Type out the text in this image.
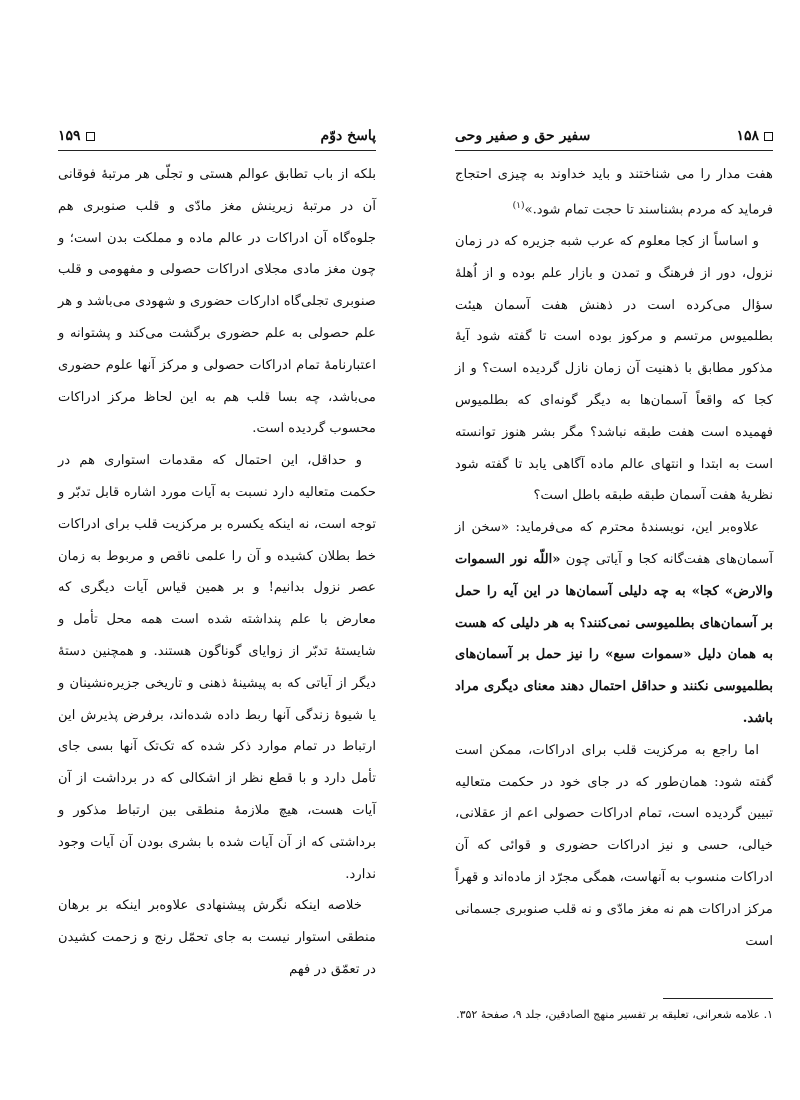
۱۵۸
سفیر حق و صفیر وحی

هفت مدار را می شناختند و باید خداوند به چیزی احتجاج فرماید که مردم بشناسند تا حجت تمام شود.»$^{(۱)}$

و اساساً از کجا معلوم که عرب شبه جزیره که در زمان نزول، دور از فرهنگ و تمدن و بازار علم بوده و از اُهلهٔ سؤال می‌کرده است در ذهنش هفت آسمان هیئت بطلمیوس مرتسم و مرکوز بوده است تا گفته شود آیهٔ مذکور مطابق با ذهنیت آن زمان نازل گردیده است؟ و از کجا که واقعاً آسمان‌ها به دیگر گونه‌ای که بطلمیوس فهمیده است هفت طبقه نباشد؟ مگر بشر هنوز توانسته است به ابتدا و انتهای عالم ماده آگاهی یابد تا گفته شود نظریهٔ هفت آسمان طبقه طبقه باطل است؟

علاوه‌بر این، نویسندهٔ محترم که می‌فرماید: «سخن از آسمان‌های هفت‌گانه کجا و آیاتی چون «اللّه نور السموات والارض» کجا» به چه دلیلی آسمان‌ها در این آیه را حمل بر آسمان‌های بطلمیوسی نمی‌کنند؟ به هر دلیلی که هست به همان دلیل «سموات سبع» را نیز حمل بر آسمان‌های بطلمیوسی نکنند و حداقل احتمال دهند معنای دیگری مراد باشد.

اما راجع به مرکزیت قلب برای ادراکات، ممکن است گفته شود: همان‌طور که در جای خود در حکمت متعالیه تبیین گردیده است، تمام ادراکات حصولی اعم از عقلانی، خیالی، حسی و نیز ادراکات حضوری و قوائی که آن ادراکات منسوب به آنهاست، همگی مجرّد از ماده‌اند و قهراً مرکز ادراکات هم نه مغز مادّی و نه قلب صنوبری جسمانی است

۱. علامه شعرانی، تعلیقه بر تفسیر منهج الصادقین، جلد ۹، صفحهٔ ۳۵۲.
پاسخ دوّم
۱۵۹

بلکه از باب تطابق عوالم هستی و تجلّی هر مرتبهٔ فوقانی آن در مرتبهٔ زیرینش مغز مادّی و قلب صنوبری هم جلوه‌گاه آن ادراکات در عالم ماده و مملکت بدن است؛ و چون مغز مادی مجلای ادراکات حصولی و مفهومی و قلب صنوبری تجلی‌گاه ادارکات حضوری و شهودی می‌باشد و هر علم حصولی به علم حضوری برگشت می‌کند و پشتوانه و اعتبارنامهٔ تمام ادراکات حصولی و مرکز آنها علوم حضوری می‌باشد، چه بسا قلب هم به این لحاظ مرکز ادراکات محسوب گردیده است.

و حداقل، این احتمال که مقدمات استواری هم در حکمت متعالیه دارد نسبت به آیات مورد اشاره قابل تدبّر و توجه است، نه اینکه یکسره بر مرکزیت قلب برای ادراکات خط بطلان کشیده و آن را علمی ناقص و مربوط به زمان عصر نزول بدانیم! و بر همین قیاس آیات دیگری که معارض با علم پنداشته شده است همه محل تأمل و شایستهٔ تدبّر از زوایای گوناگون هستند. و همچنین دستهٔ دیگر از آیاتی که به پیشینهٔ ذهنی و تاریخی جزیره‌نشینان و یا شیوهٔ زندگی آنها ربط داده شده‌اند، برفرض پذیرش این ارتباط در تمام موارد ذکر شده که تک‌تک آنها بسی جای تأمل دارد و با قطع نظر از اشکالی که در برداشت از آن آیات هست، هیچ ملازمهٔ منطقی بین ارتباط مذکور و برداشتی که از آن آیات شده با بشری بودن آن آیات وجود ندارد.

خلاصه اینکه نگرش پیشنهادی علاوه‌بر اینکه بر برهان منطقی استوار نیست به جای تحمّل رنج و زحمت کشیدن در تعمّق در فهم
